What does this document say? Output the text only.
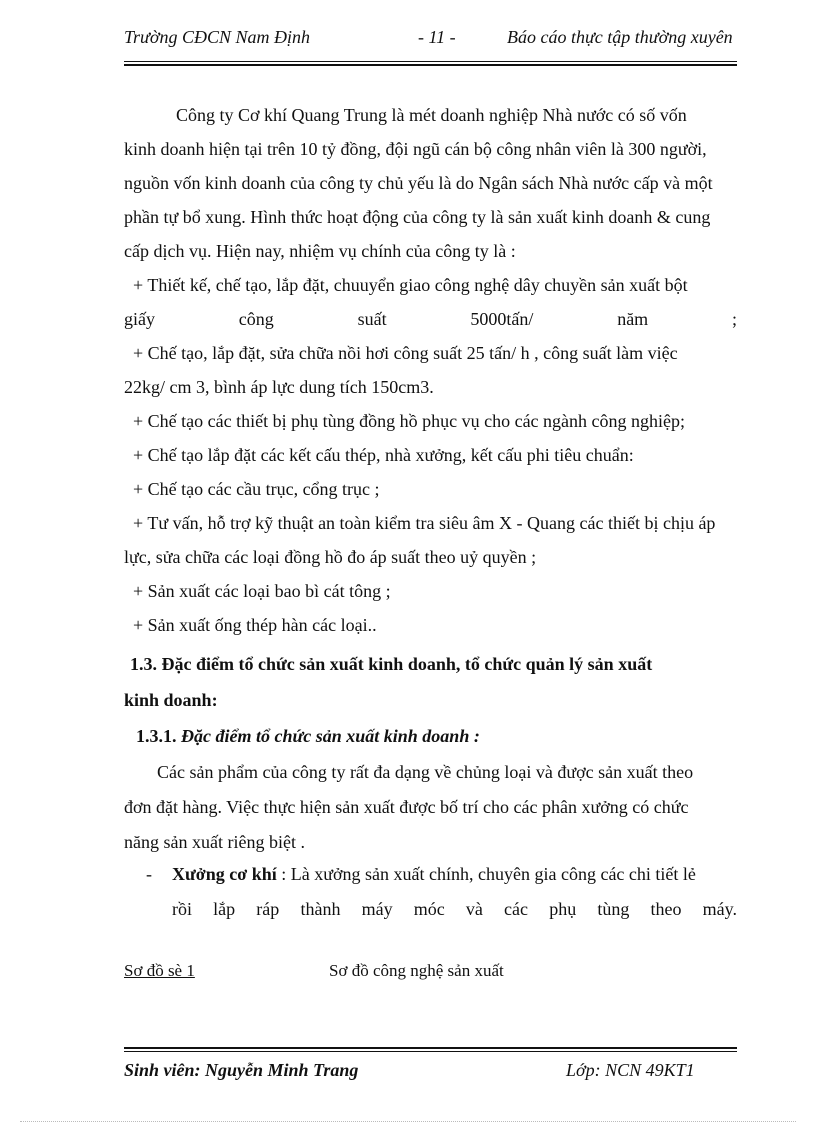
Trường CĐCN Nam Định	- 11 -	Báo cáo thực tập thường xuyên
Công ty Cơ khí Quang Trung là mét doanh nghiệp Nhà nước có số vốn
kinh doanh hiện tại trên 10 tỷ đồng, đội ngũ cán bộ công nhân viên là 300 người,
nguồn vốn kinh doanh của công ty chủ yếu là do Ngân sách Nhà nước cấp và một
phần tự bổ xung. Hình thức hoạt động của công ty là sản xuất kinh doanh & cung
cấp dịch vụ. Hiện nay, nhiệm vụ chính của công ty là :
+ Thiết kế, chế tạo, lắp đặt, chuuyển giao công nghệ dây chuyền sản xuất bột
giấy công suất 5000tấn/ năm ;
+ Chế tạo, lắp đặt, sửa chữa nồi hơi công suất 25 tấn/ h , công suất làm việc
22kg/ cm 3, bình áp lực dung tích 150cm3.
+ Chế tạo các thiết bị phụ tùng đồng hồ phục vụ cho các ngành công nghiệp;
+ Chế tạo lắp đặt các kết cấu thép, nhà xưởng, kết cấu phi tiêu chuẩn:
+ Chế tạo các cầu trục, cổng trục ;
+ Tư vấn, hỗ trợ kỹ thuật an toàn kiểm tra siêu âm X - Quang các thiết bị chịu áp
lực, sửa chữa các loại đồng hồ đo áp suất theo uỷ quyền ;
+ Sản xuất các loại bao bì cát tông ;
+ Sản xuất ống thép hàn các loại..
1.3. Đặc điểm tổ chức sản xuất kinh doanh, tổ chức quản lý sản xuất
kinh doanh:
1.3.1. Đặc điểm tổ chức sản xuất kinh doanh :
Các sản phẩm của công ty rất đa dạng về chủng loại và được sản xuất theo
đơn đặt hàng. Việc thực hiện sản xuất được bố trí cho các phân xưởng có chức
năng sản xuất riêng biệt .
-	Xưởng cơ khí : Là xưởng sản xuất chính, chuyên gia công các chi tiết lẻ
rồi lắp ráp thành máy móc và các phụ tùng theo máy.
Sơ đồ sè 1	Sơ đồ công nghệ sản xuất
Sinh viên: Nguyễn Minh Trang	Lớp: NCN 49KT1
